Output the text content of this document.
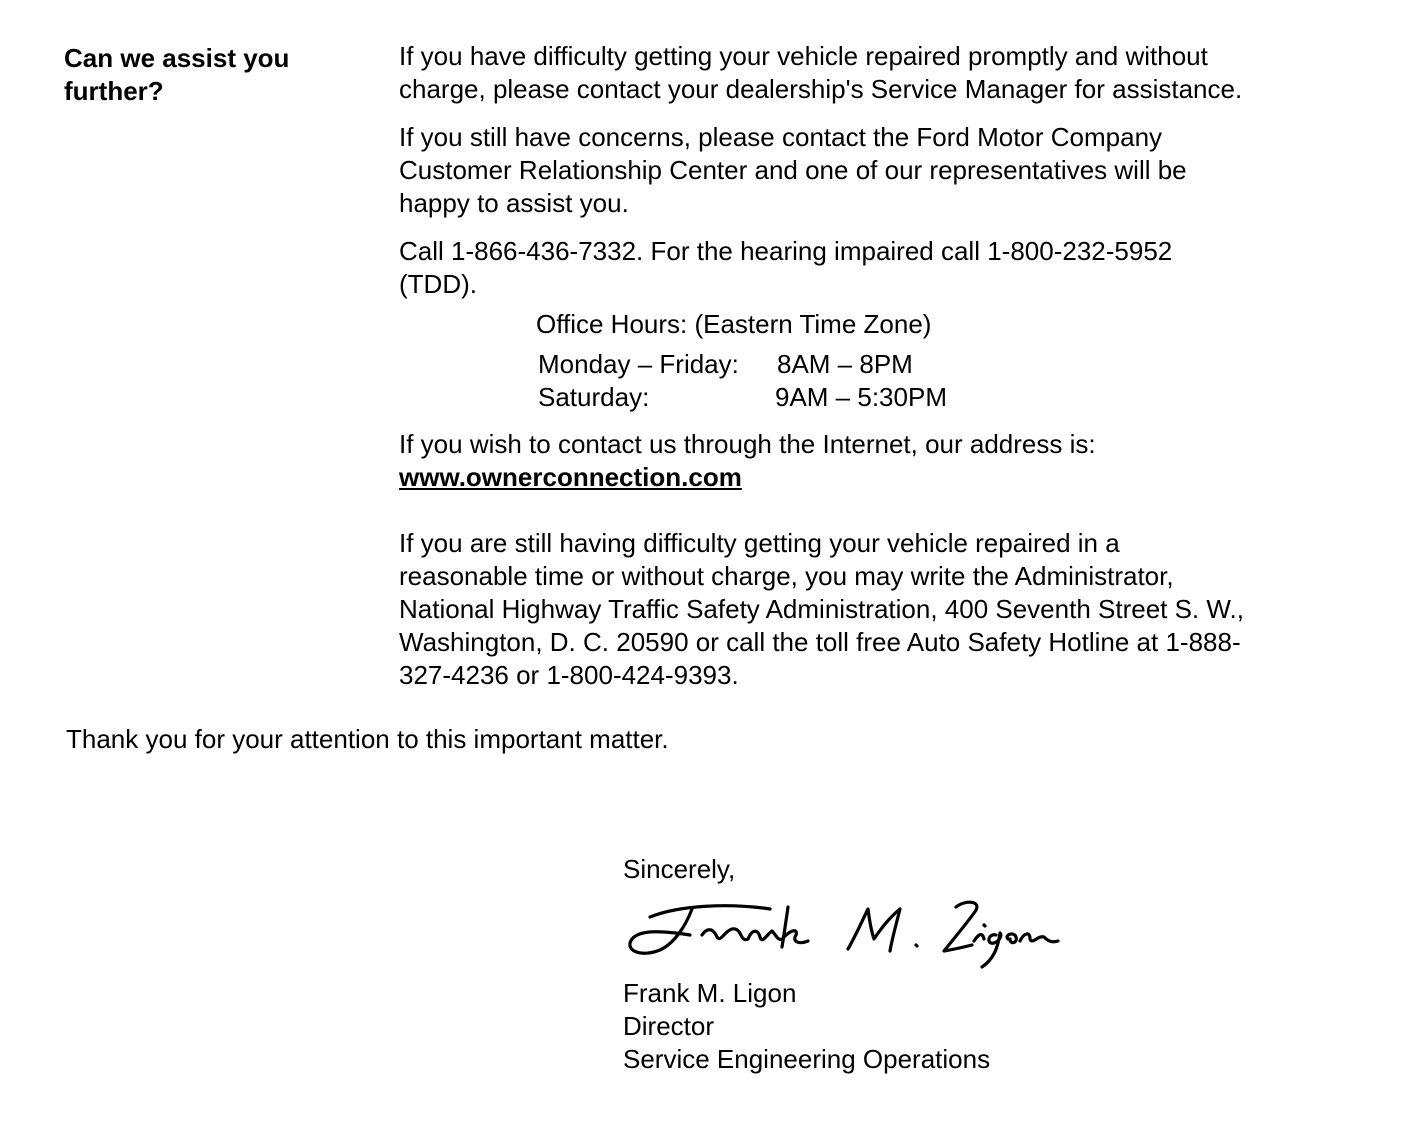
Can we assist you
further?

If you have difficulty getting your vehicle repaired promptly and without

charge, please contact your dealership's Service Manager for assistance.

If you still have concerns, please contact the Ford Motor Company

Customer Relationship Center and one of our representatives will be

happy to assist you.

Call 1-866-436-7332. For the hearing impaired call 1-800-232-5952

(TDD).

Office Hours: (Eastern Time Zone)
Monday – Friday: 8AM – 8PM
Saturday:	9AM – 5:30PM
If you wish to contact us through the Internet, our address is:
www.ownerconnection.com

If you are still having difficulty getting your vehicle repaired in a

reasonable time or without charge, you may write the Administrator,

National Highway Traffic Safety Administration, 400 Seventh Street S. W.,

Washington, D. C. 20590 or call the toll free Auto Safety Hotline at 1-888-

327-4236 or 1-800-424-9393.

Thank you for your attention to this important matter.
Sincerely,

Frank M. Ligon

Director

Service Engineering Operations
